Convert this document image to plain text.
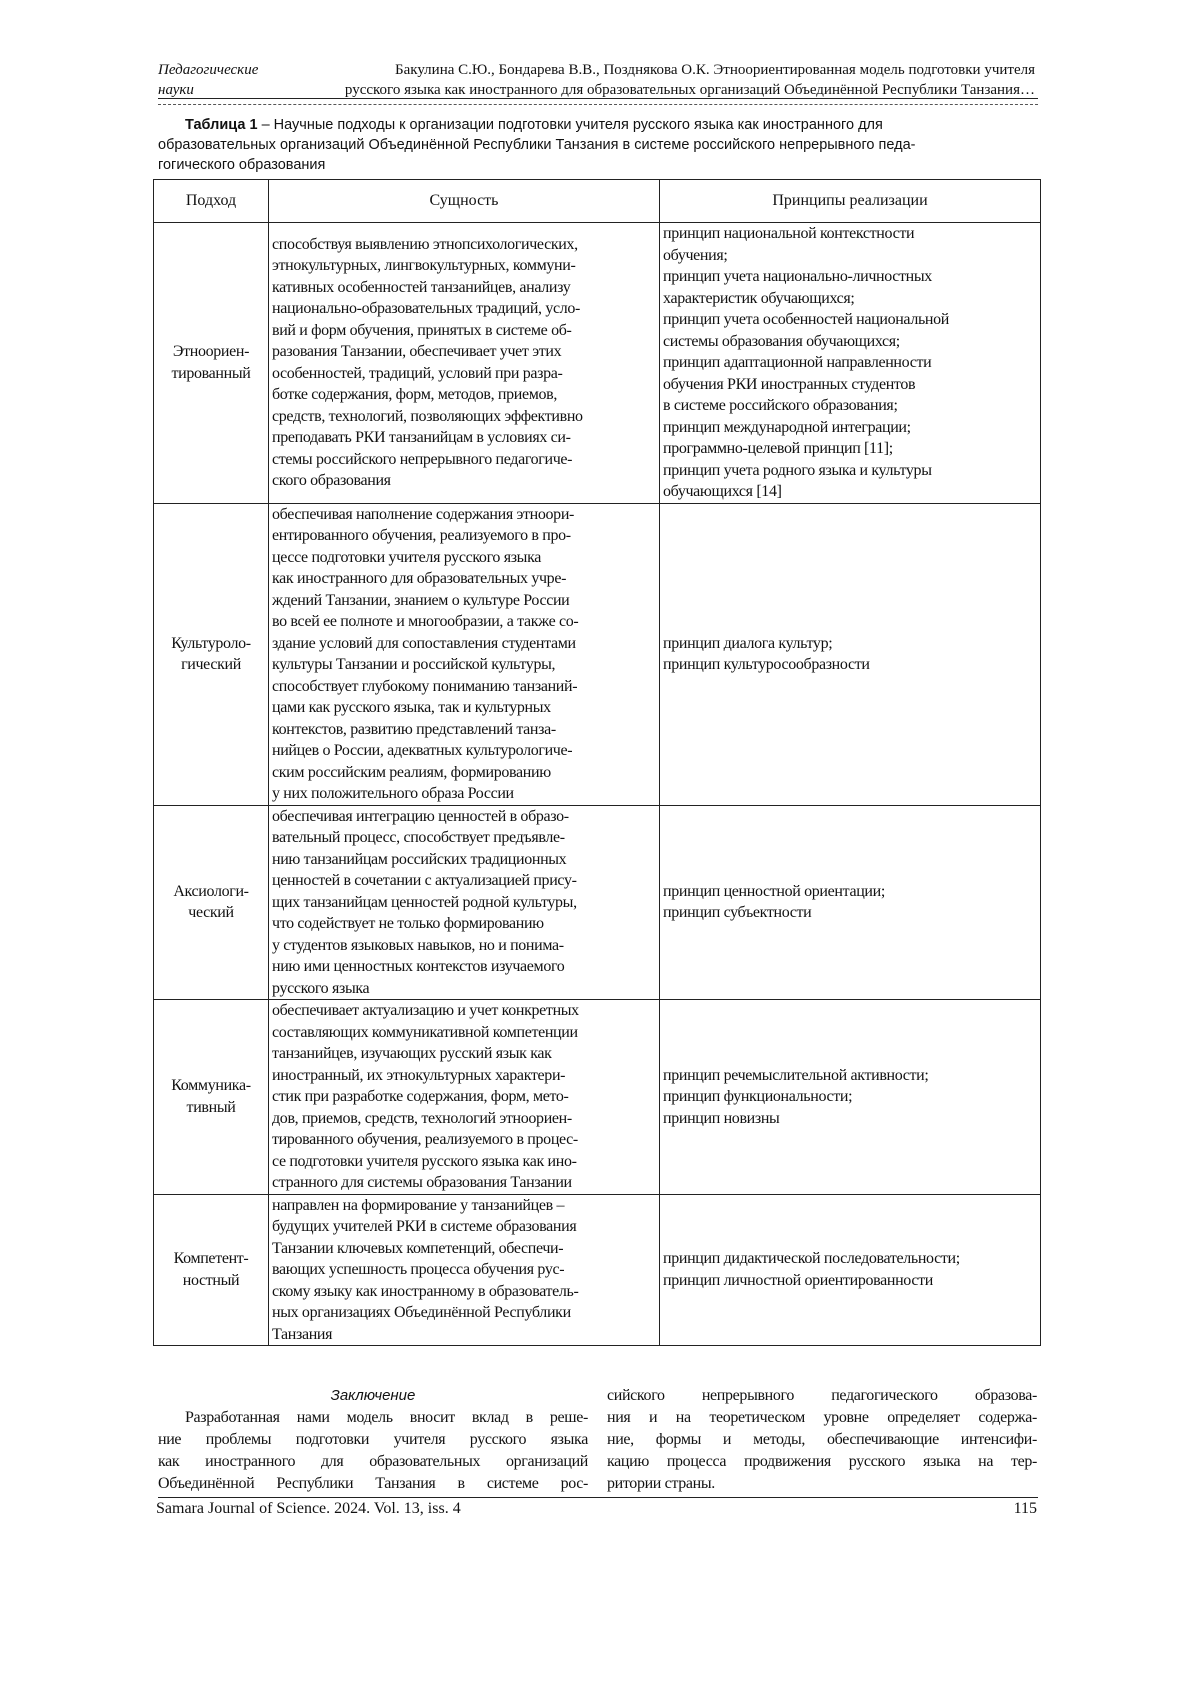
Педагогические
науки
Бакулина С.Ю., Бондарева В.В., Позднякова О.К. Этноориентированная модель подготовки учителя
русского языка как иностранного для образовательных организаций Объединённой Республики Танзания…
Таблица 1 – Научные подходы к организации подготовки учителя русского языка как иностранного для
образовательных организаций Объединённой Республики Танзания в системе российского непрерывного педа-
гогического образования
Подход	Сущность	Принципы реализации

Этноориен-
тированный

способствуя выявлению этнопсихологических,
этнокультурных, лингвокультурных, коммуни-
кативных особенностей танзанийцев, анализу
национально-образовательных традиций, усло-
вий и форм обучения, принятых в системе об-
разования Танзании, обеспечивает учет этих
особенностей, традиций, условий при разра-
ботке содержания, форм, методов, приемов,
средств, технологий, позволяющих эффективно
преподавать РКИ танзанийцам в условиях си-
стемы российского непрерывного педагогиче-
ского образования

принцип национальной контекстности
обучения;
принцип учета национально-личностных
характеристик обучающихся;
принцип учета особенностей национальной
системы образования обучающихся;
принцип адаптационной направленности
обучения РКИ иностранных студентов
в системе российского образования;
принцип международной интеграции;
программно-целевой принцип [11];
принцип учета родного языка и культуры
обучающихся [14]

Культуроло-
гический

обеспечивая наполнение содержания этноори-
ентированного обучения, реализуемого в про-
цессе подготовки учителя русского языка
как иностранного для образовательных учре-
ждений Танзании, знанием о культуре России
во всей ее полноте и многообразии, а также со-
здание условий для сопоставления студентами
культуры Танзании и российской культуры,
способствует глубокому пониманию танзаний-
цами как русского языка, так и культурных
контекстов, развитию представлений танза-
нийцев о России, адекватных культурологиче-
ским российским реалиям, формированию
у них положительного образа России

принцип диалога культур;
принцип культуросообразности

Аксиологи-
ческий

обеспечивая интеграцию ценностей в образо-
вательный процесс, способствует предъявле-
нию танзанийцам российских традиционных
ценностей в сочетании с актуализацией прису-
щих танзанийцам ценностей родной культуры,
что содействует не только формированию
у студентов языковых навыков, но и понима-
нию ими ценностных контекстов изучаемого
русского языка

принцип ценностной ориентации;
принцип субъектности

Коммуника-
тивный

обеспечивает актуализацию и учет конкретных
составляющих коммуникативной компетенции
танзанийцев, изучающих русский язык как
иностранный, их этнокультурных характери-
стик при разработке содержания, форм, мето-
дов, приемов, средств, технологий этноориен-
тированного обучения, реализуемого в процес-
се подготовки учителя русского языка как ино-
странного для системы образования Танзании

принцип речемыслительной активности;
принцип функциональности;
принцип новизны

Компетент-
ностный

направлен на формирование у танзанийцев –
будущих учителей РКИ в системе образования
Танзании ключевых компетенций, обеспечи-
вающих успешность процесса обучения рус-
скому языку как иностранному в образователь-
ных организациях Объединённой Республики
Танзания

принцип дидактической последовательности;
принцип личностной ориентированности
Заключение
Разработанная нами модель вносит вклад в реше-
ние проблемы подготовки учителя русского языка
как иностранного для образовательных организаций
Объединённой Республики Танзания в системе рос-
сийского непрерывного педагогического образова-
ния и на теоретическом уровне определяет содержа-
ние, формы и методы, обеспечивающие интенсифи-
кацию процесса продвижения русского языка на тер-
ритории страны.
Samara Journal of Science. 2024. Vol. 13, iss. 4	115
